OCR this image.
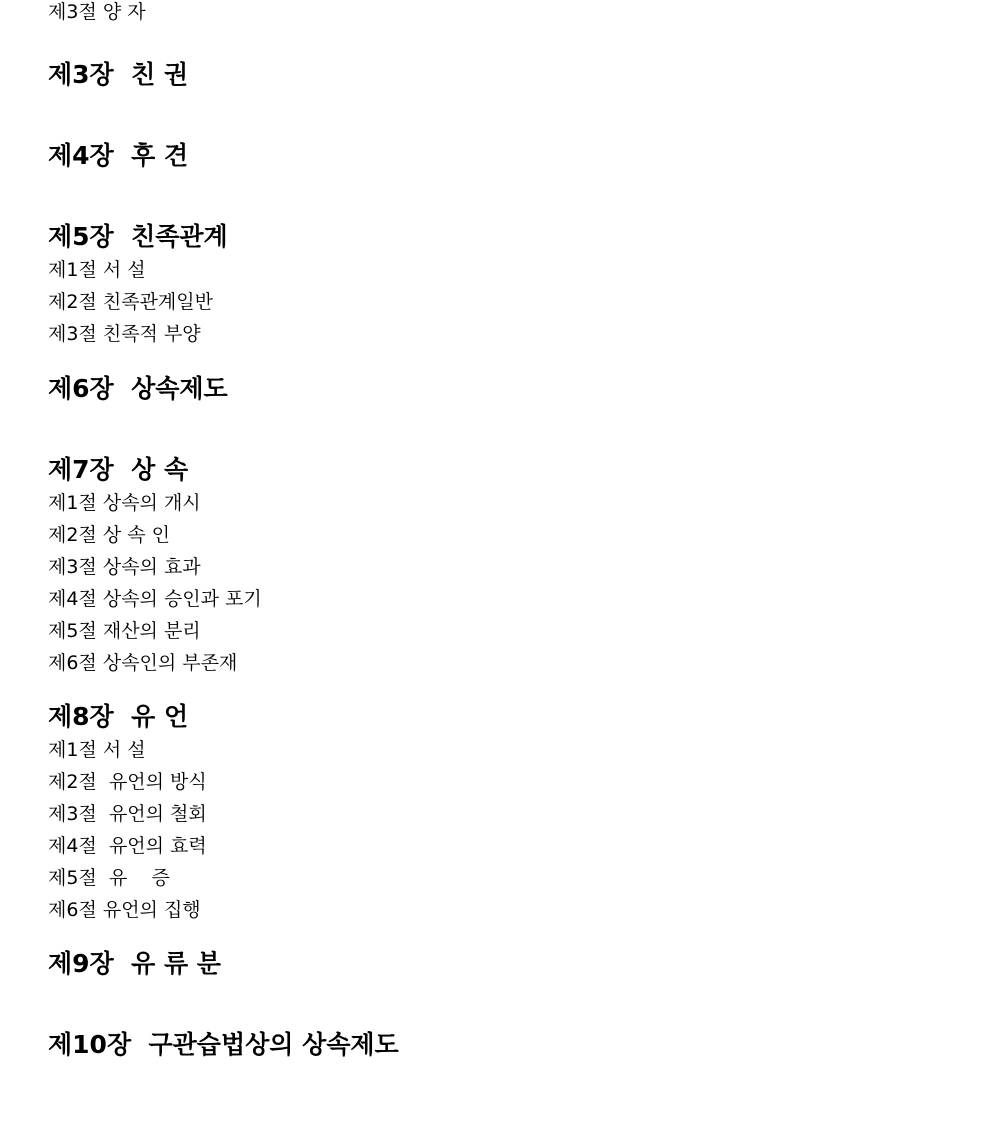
제3절 양 자
제3장  친 권
제4장  후 견
제5장  친족관계
제1절 서 설
제2절 친족관계일반
제3절 친족적 부양
제6장  상속제도
제7장  상 속
제1절 상속의 개시
제2절 상 속 인
제3절 상속의 효과
제4절 상속의 승인과 포기
제5절 재산의 분리
제6절 상속인의 부존재
제8장  유 언
제1절 서 설
제2절  유언의 방식
제3절  유언의 철회
제4절  유언의 효력
제5절  유    증
제6절 유언의 집행
제9장  유 류 분
제10장  구관습법상의 상속제도
